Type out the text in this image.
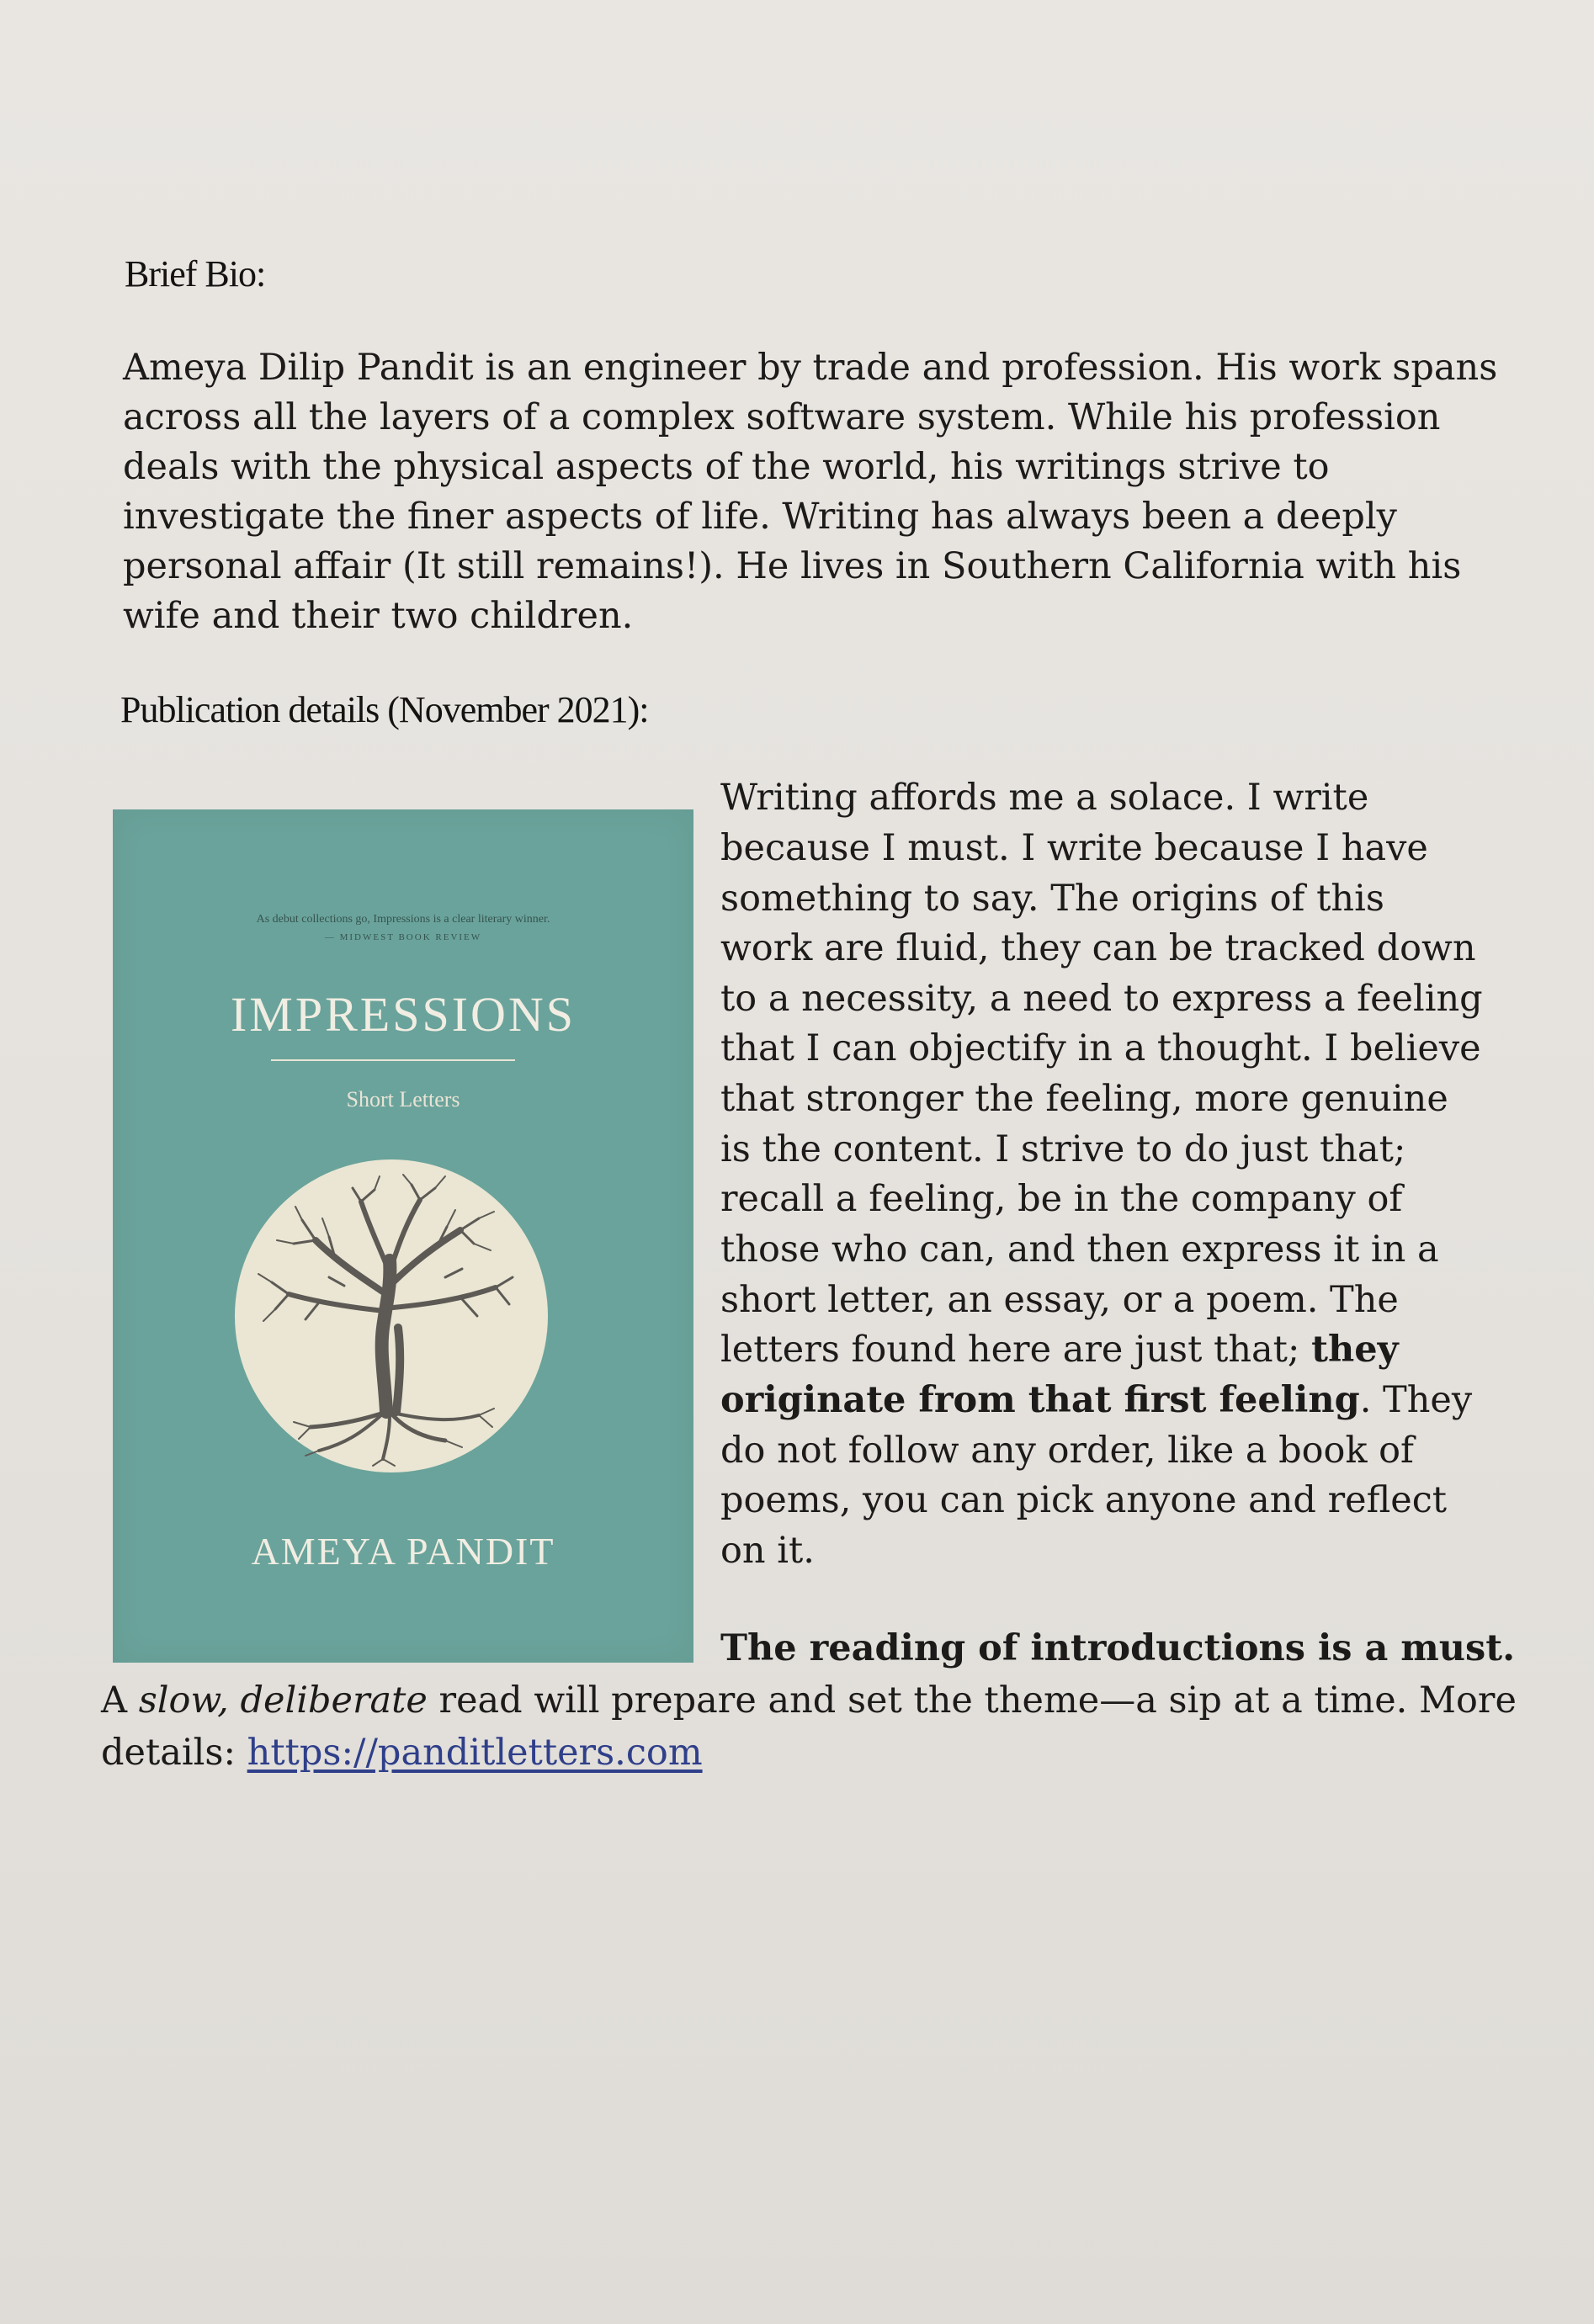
Brief Bio:
Ameya Dilip Pandit is an engineer by trade and profession. His work spans
across all the layers of a complex software system. While his profession
deals with the physical aspects of the world, his writings strive to
investigate the finer aspects of life. Writing has always been a deeply
personal affair (It still remains!). He lives in Southern California with his
wife and their two children.
Publication details (November 2021):
As debut collections go, Impressions is a clear literary winner.
— MIDWEST BOOK REVIEW
IMPRESSIONS
Short Letters
AMEYA PANDIT
Writing affords me a solace. I write
because I must. I write because I have
something to say. The origins of this
work are fluid, they can be tracked down
to a necessity, a need to express a feeling
that I can objectify in a thought. I believe
that stronger the feeling, more genuine
is the content. I strive to do just that;
recall a feeling, be in the company of
those who can, and then express it in a
short letter, an essay, or a poem. The
letters found here are just that; they
originate from that first feeling. They
do not follow any order, like a book of
poems, you can pick anyone and reflect
on it.
The reading of introductions is a must.
A slow, deliberate read will prepare and set the theme—a sip at a time. More
details: https://panditletters.com
